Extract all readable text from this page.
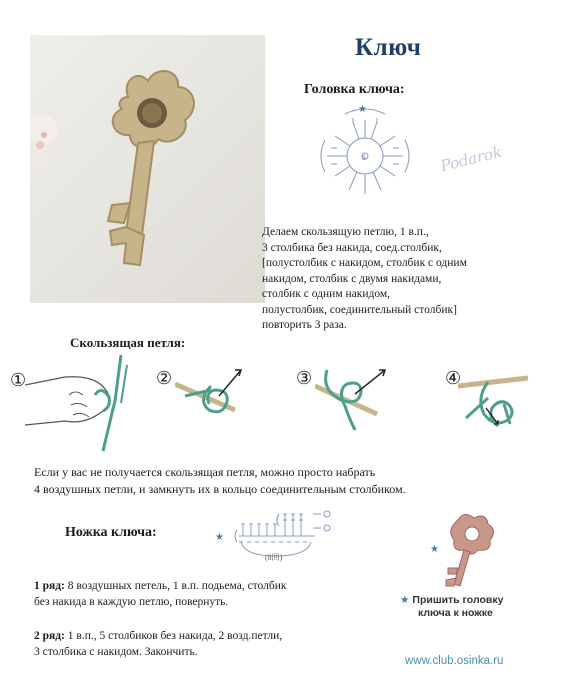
Ключ
Головка ключа:
★
б	Podarok
Делаем скользящую петлю, 1 в.п.,
3 столбика без накида, соед.столбик,
[полустолбик с накидом, столбик с одним
накидом, столбик с двумя накидами,
столбик с одним накидом,
полустолбик, соединительный столбик]
повторить 3 раза.
Скользящая петля:
①	②	③	④
Если у вас не получается скользящая петля, можно просто набрать
4 воздушных петли, и замкнуть их в кольцо соединительным столбиком.
Ножка ключа:	★
(8回)
1 ряд: 8 воздушных петель, 1 в.п. подьема, столбик
без накида в каждую петлю, повернуть.
2 ряд: 1 в.п., 5 столбиков без накида, 2 возд.петли,
3 столбика с накидом. Закончить.
★
★ Пришить головку
ключа к ножке
www.club.osinka.ru
